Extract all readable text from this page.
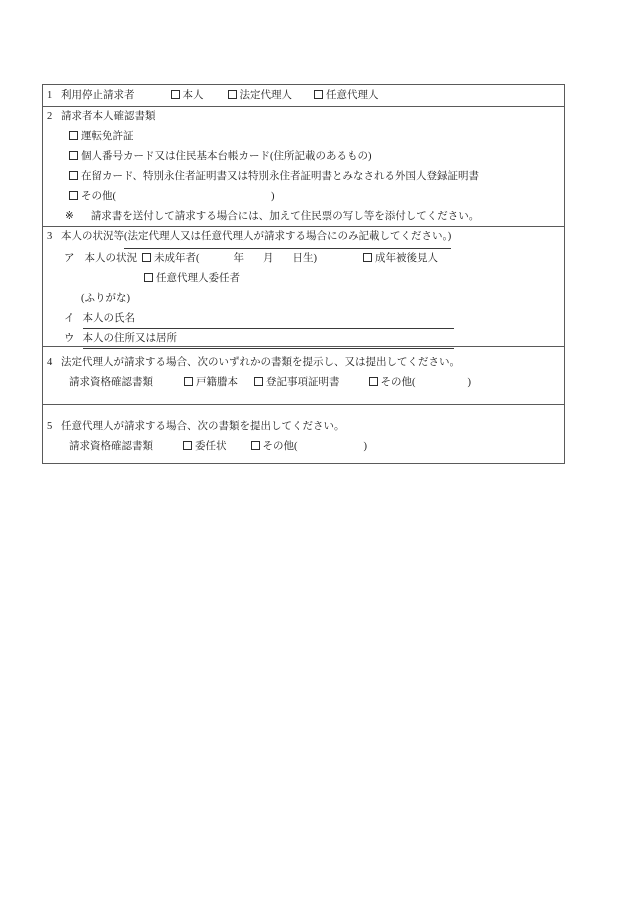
1 利用停止請求者	本人	法定代理人	任意代理人
2 請求者本人確認書類
運転免許証
個人番号カード又は住民基本台帳カード(住所記載のあるもの)
在留カード、特別永住者証明書又は特別永住者証明書とみなされる外国人登録証明書
その他(	)
※ 請求書を送付して請求する場合には、加えて住民票の写し等を添付してください。
3 本人の状況等 (法定代理人又は任意代理人が請求する場合にのみ記載してください。)
ア 本人の状況	未成年者(	年 月 日生)	成年被後見人
任意代理人委任者
(ふりがな)
イ 本人の氏名
ウ 本人の住所又は居所
4 法定代理人が請求する場合、次のいずれかの書類を提示し、又は提出してください。
請求資格確認書類	戸籍謄本	登記事項証明書	その他(	)
5 任意代理人が請求する場合、次の書類を提出してください。
請求資格確認書類	委任状	その他(	)
